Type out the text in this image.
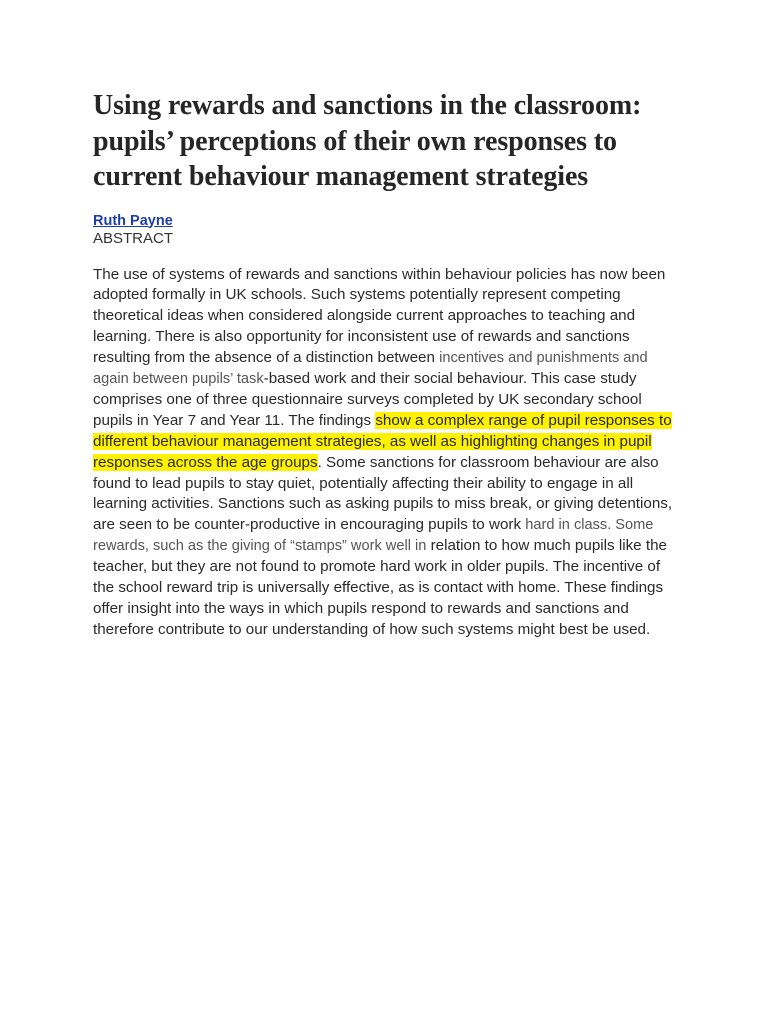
Using rewards and sanctions in the classroom: pupils’ perceptions of their own responses to current behaviour management strategies
Ruth Payne

ABSTRACT

The use of systems of rewards and sanctions within behaviour policies has now been adopted formally in UK schools. Such systems potentially represent competing theoretical ideas when considered alongside current approaches to teaching and learning. There is also opportunity for inconsistent use of rewards and sanctions resulting from the absence of a distinction between incentives and punishments and again between pupils’ task-based work and their social behaviour. This case study comprises one of three questionnaire surveys completed by UK secondary school pupils in Year 7 and Year 11. The findings show a complex range of pupil responses to different behaviour management strategies, as well as highlighting changes in pupil responses across the age groups. Some sanctions for classroom behaviour are also found to lead pupils to stay quiet, potentially affecting their ability to engage in all learning activities. Sanctions such as asking pupils to miss break, or giving detentions, are seen to be counter-productive in encouraging pupils to work hard in class. Some rewards, such as the giving of “stamps” work well in relation to how much pupils like the teacher, but they are not found to promote hard work in older pupils. The incentive of the school reward trip is universally effective, as is contact with home. These findings offer insight into the ways in which pupils respond to rewards and sanctions and therefore contribute to our understanding of how such systems might best be used.
